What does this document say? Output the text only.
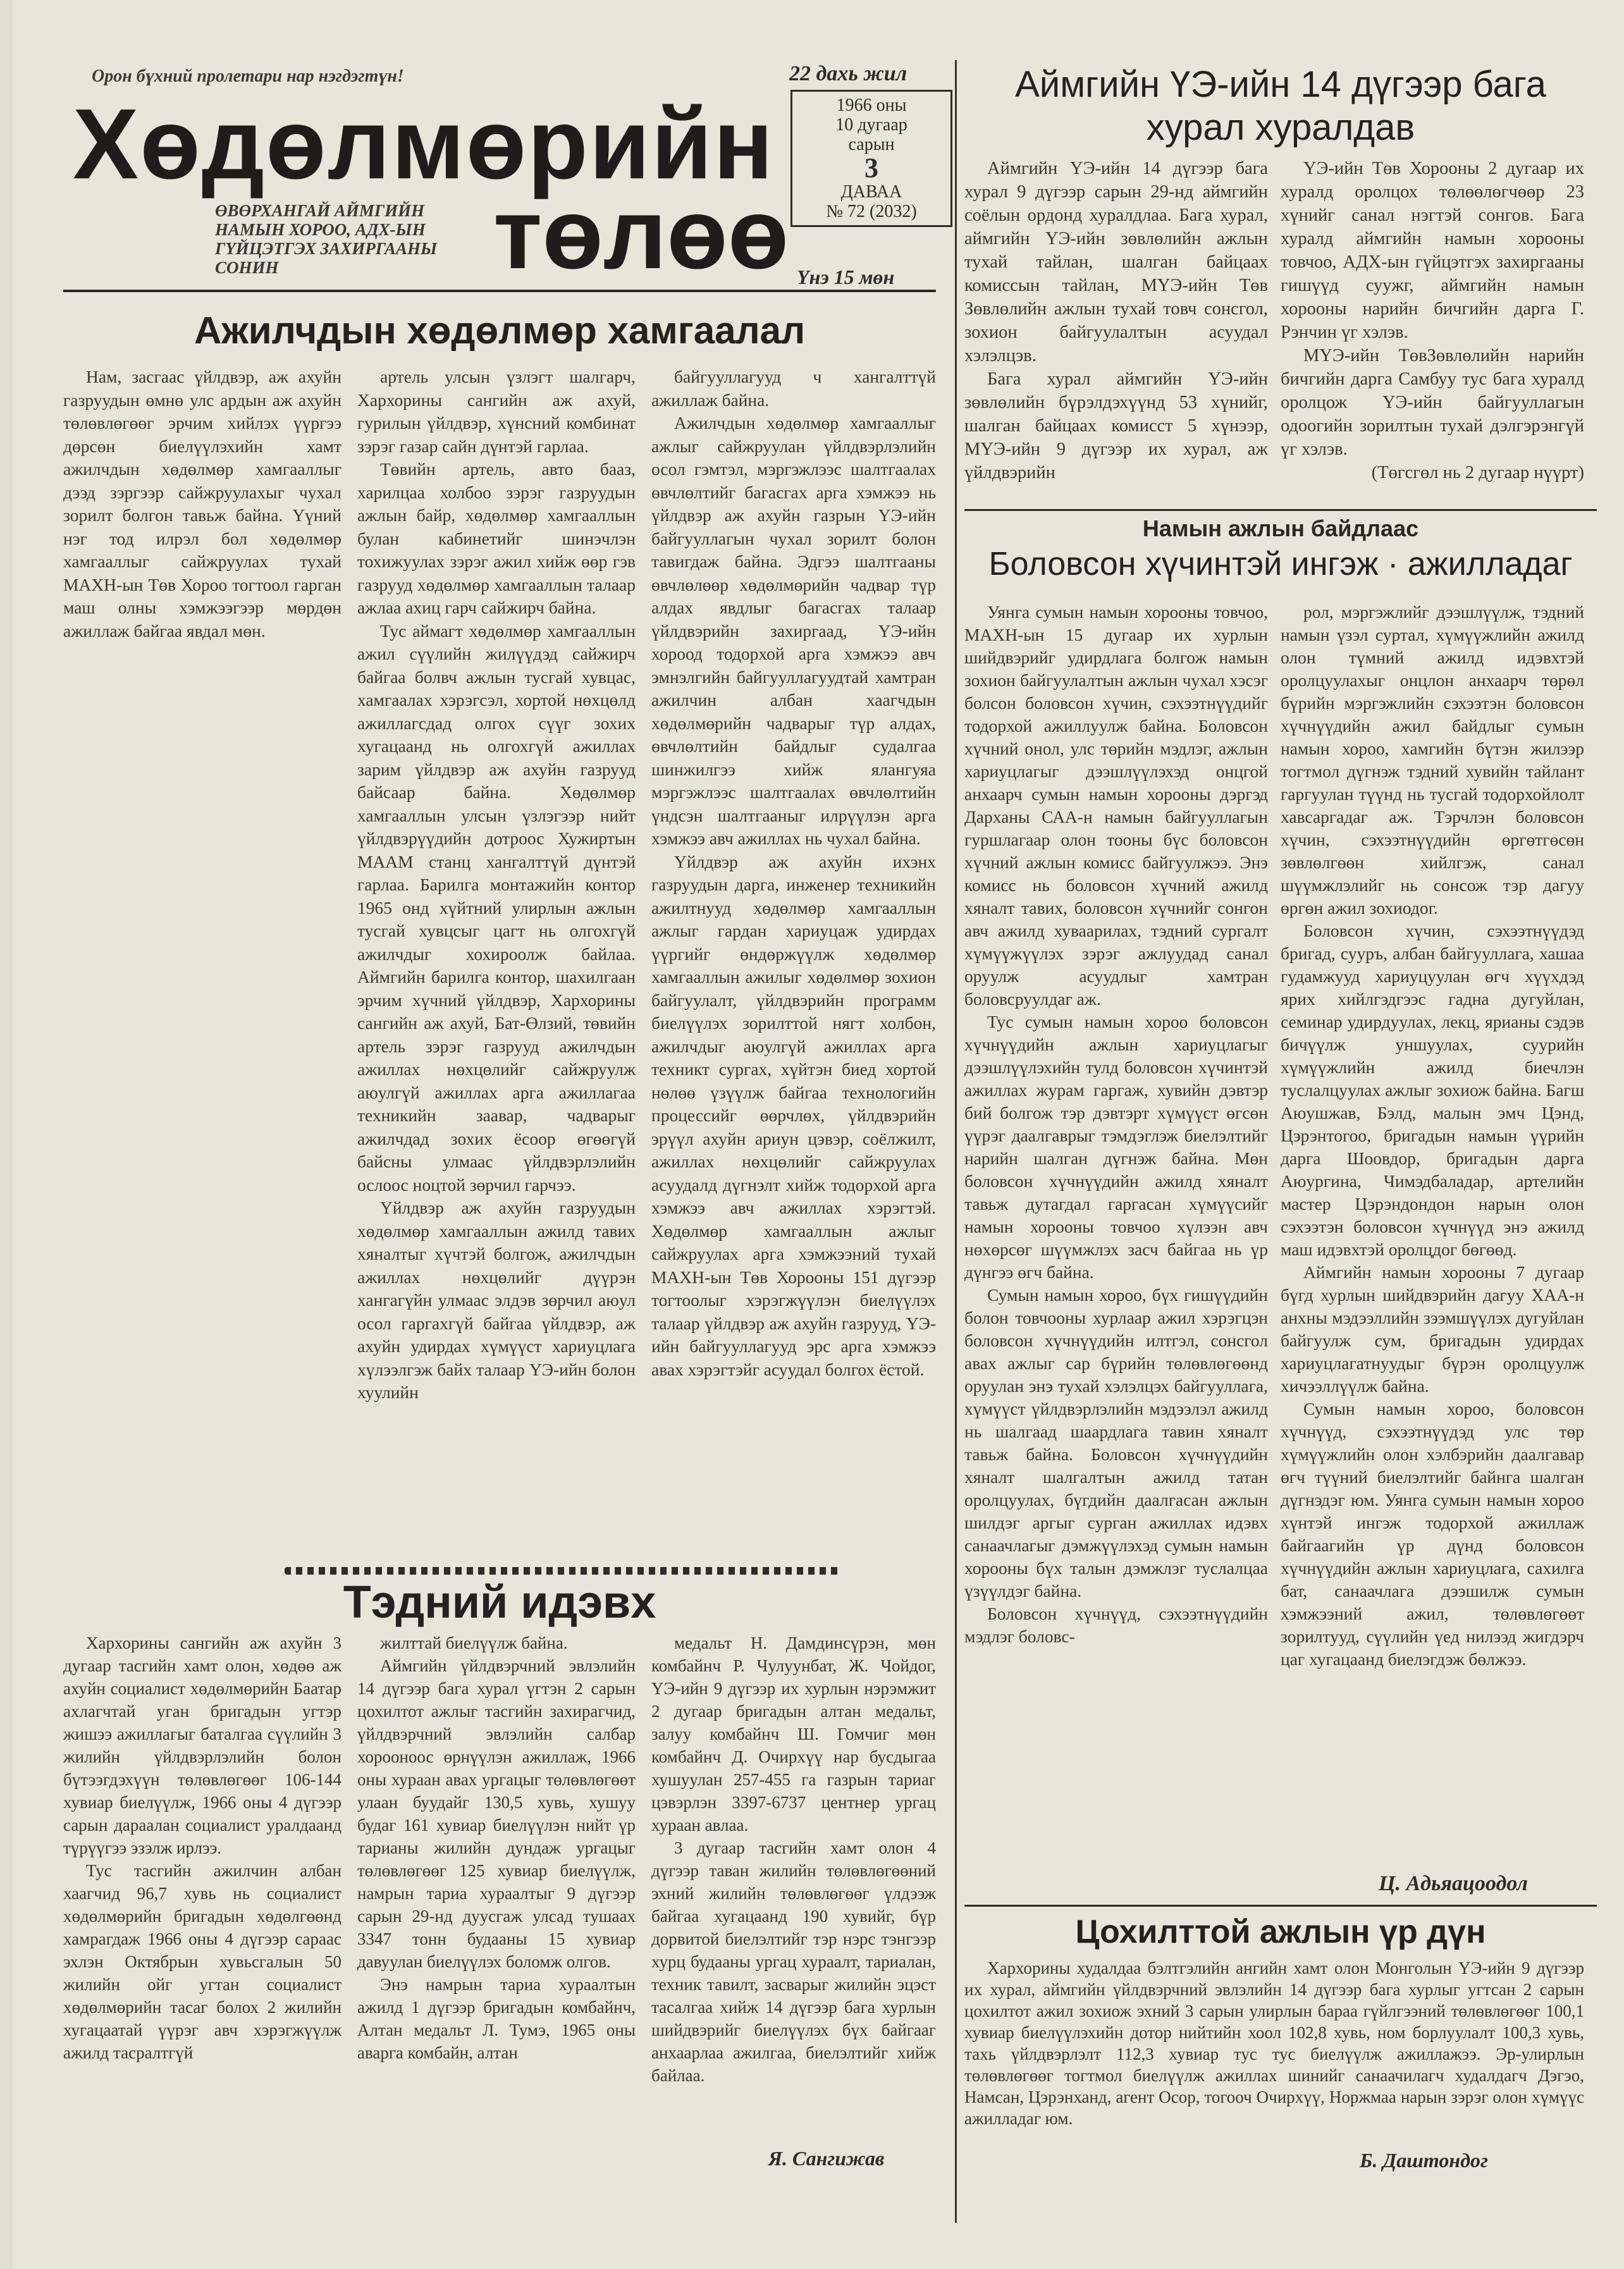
Орон бүхний пролетари нар нэгдэгтүн!
Хөдөлмөрийн
ӨВӨРХАНГАЙ АЙМГИЙН НАМЫН ХОРОО, АДХ-ЫН ГҮЙЦЭТГЭХ ЗАХИРГААНЫ СОНИН	төлөө
22 дахь жил
1966 оны
10 дугаар
сарын
3
ДАВАА
№ 72 (2032)
Үнэ 15 мөн
Аймгийн ҮЭ-ийн 14 дүгээр бага хурал хуралдав

Аймгийн ҮЭ-ийн 14 дүгээр бага хурал 9 дүгээр сарын 29-нд аймгийн соёлын ордонд хуралдлаа. Бага хурал, аймгийн ҮЭ-ийн зөвлөлийн ажлын тухай тайлан, шалган байцаах комиссын тайлан, МҮЭ-ийн Төв Зөвлөлийн ажлын тухай товч сонсгол, зохион байгуулалтын асуудал хэлэлцэв.

Бага хурал аймгийн ҮЭ-ийн зөвлөлийн бүрэлдэхүүнд 53 хүнийг, шалган байцаах комисст 5 хүнээр, МҮЭ-ийн 9 дүгээр их хурал, аж үйлдвэрийн

ҮЭ-ийн Төв Хорооны 2 дугаар их хуралд оролцох төлөөлөгчөөр 23 хүнийг санал нэгтэй сонгов. Бага хуралд аймгийн намын хорооны товчоо, АДХ-ын гүйцэтгэх захиргааны гишүүд суужг, аймгийн намын хорооны нарийн бичгийн дарга Г. Рэнчин үг хэлэв.

МҮЭ-ийн ТөвЗөвлөлийн нарийн бичгийн дарга Самбуу тус бага хуралд оролцож ҮЭ-ийн байгууллагын одоогийн зорилтын тухай дэлгэрэнгүй үг хэлэв.

(Төгсгөл нь 2 дугаар нүүрт)

Намын ажлын байдлаас
Боловсон хүчинтэй ингэж · ажилладаг

Уянга сумын намын хорооны товчоо, МАХН-ын 15 дугаар их хурлын шийдвэрийг удирдлага болгож намын зохион байгуулалтын ажлын чухал хэсэг болсон боловсон хүчин, сэхээтнүүдийг тодорхой ажиллуулж байна. Боловсон хүчний онол, улс төрийн мэдлэг, ажлын хариуцлагыг дээшлүүлэхэд онцгой анхаарч сумын намын хорооны дэргэд Дарханы САА-н намын байгууллагын гуршлагаар олон тооны бүс боловсон хүчний ажлын комисс байгуулжээ. Энэ комисс нь боловсон хүчний ажилд хяналт тавих, боловсон хүчнийг сонгон авч ажилд хуваарилах, тэдний сургалт хүмүүжүүлэх зэрэг ажлуудад санал оруулж асуудлыг хамтран боловсруулдаг аж.

Тус сумын намын хороо боловсон хүчнүүдийн ажлын хариуцлагыг дээшлүүлэхийн тулд боловсон хүчинтэй ажиллах журам гаргаж, хувийн дэвтэр бий болгож тэр дэвтэрт хүмүүст өгсөн үүрэг даалгаврыг тэмдэглэж биелэлтийг нарийн шалган дүгнэж байна. Мөн боловсон хүчнүүдийн ажилд хяналт тавьж дутагдал гаргасан хүмүүсийг намын хорооны товчоо хүлээн авч нөхөрсөг шүүмжлэх засч байгаа нь үр дүнгээ өгч байна.

Сумын намын хороо, бүх гишүүдийн болон товчооны хурлаар ажил хэрэгцэн боловсон хүчнүүдийн илтгэл, сонсгол авах ажлыг сар бүрийн төлөвлөгөөнд оруулан энэ тухай хэлэлцэх байгууллага, хүмүүст үйлдвэрлэлийн мэдээлэл ажилд нь шалгаад шаардлага тавин хяналт тавьж байна. Боловсон хүчнүүдийн хяналт шалгалтын ажилд татан оролцуулах, бүгдийн даалгасан ажлын шилдэг аргыг сурган ажиллах идэвх санаачлагыг дэмжүүлэхэд сумын намын хорооны бүх талын дэмжлэг туслалцаа үзүүлдэг байна.

Боловсон хүчнүүд, сэхээтнүүдийн мэдлэг боловс-

рол, мэргэжлийг дээшлүүлж, тэдний намын үзэл суртал, хүмүүжлийн ажилд олон түмний ажилд идэвхтэй оролцуулахыг онцлон анхаарч төрөл бүрийн мэргэжлийн сэхээтэн боловсон хүчнүүдийн ажил байдлыг сумын намын хороо, хамгийн бүтэн жилээр тогтмол дүгнэж тэдний хувийн тайлант гаргуулан түүнд нь тусгай тодорхойлолт хавсаргадаг аж. Тэрчлэн боловсон хүчин, сэхээтнүүдийн өргөтгөсөн зөвлөлгөөн хийлгэж, санал шүүмжлэлийг нь сонсож тэр дагуу өргөн ажил зохиодог.

Боловсон хүчин, сэхээтнүүдэд бригад, сууръ, албан байгууллага, хашаа гудамжууд хариуцуулан өгч хүүхдэд ярих хийлгэдгээс гадна дугуйлан, семинар удирдуулах, лекц, ярианы сэдэв бичүүлж уншуулах, суурийн хүмүүжлийн ажилд биечлэн туслалцуулах ажлыг зохиож байна. Багш Аюушжав, Бэлд, малын эмч Цэнд, Цэрэнтогоо, бригадын намын үүрийн дарга Шоовдор, бригадын дарга Аюургина, Чимэдбаладар, артелийн мастер Цэрэндондон нарын олон сэхээтэн боловсон хүчнүүд энэ ажилд маш идэвхтэй оролцдог бөгөөд.

Аймгийн намын хорооны 7 дугаар бүгд хурлын шийдвэрийн дагуу ХАА-н анхны мэдээллийн зээмшүүлэх дугуйлан байгуулж сум, бригадын удирдах хариуцлагатнуудыг бүрэн оролцуулж хичээллүүлж байна.

Сумын намын хороо, боловсон хүчнүүд, сэхээтнүүдэд улс төр хүмүүжлийн олон хэлбэрийн даалгавар өгч түүний биелэлтийг байнга шалган дүгнэдэг юм. Уянга сумын намын хороо хүнтэй ингэж тодорхой ажиллаж байгаагийн үр дүнд боловсон хүчнүүдийн ажлын хариуцлага, сахилга бат, санаачлага дээшилж сумын хэмжээний ажил, төлөвлөгөөт зорилтууд, сүүлийн үед нилээд жигдэрч цаг хугацаанд биелэгдэж бөлжээ.

Ц. Адьяацоодол
Цохилттой ажлын үр дүн

Хархорины худалдаа бэлтгэлийн ангийн хамт олон Монголын ҮЭ-ийн 9 дүгээр их хурал, аймгийн үйлдвэрчний эвлэлийн 14 дүгээр бага хурлыг угтсан 2 сарын цохилтот ажил зохиож эхний 3 сарын улирлын бараа гүйлгээний төлөвлөгөөг 100,1 хувиар биелүүлэхийн дотор нийтийн хоол 102,8 хувь, ном борлуулалт 100,3 хувь, тахь үйлдвэрлэлт 112,3 хувиар тус тус биелүүлж ажиллажээ. Эр-улирлын төлөвлөгөөг тогтмол биелүүлж ажиллах шинийг санаачилагч худалдагч Дэгэо, Намсан, Цэрэнханд, агент Осор, тогооч Очирхүү, Норжмаа нарын зэрэг олон хүмүүс ажилладаг юм.

Б. Даштондог
Ажилчдын хөдөлмөр хамгаалал

Нам, засгаас үйлдвэр, аж ахуйн газруудын өмнө улс ардын аж ахуйн төлөвлөгөөг эрчим хийлэх үүргээ дөрсөн биелүүлэхийн хамт ажилчдын хөдөлмөр хамгааллыг дээд зэргээр сайжруулахыг чухал зорилт болгон тавьж байна. Үүний нэг тод илрэл бол хөдөлмөр хамгааллыг сайжруулах тухай МАХН-ын Төв Хороо тогтоол гарган маш олны хэмжээгээр мөрдөн ажиллаж байгаа явдал мөн.

артель улсын үзлэгт шалгарч, Хархорины сангийн аж ахуй, гурилын үйлдвэр, хүнсний комбинат зэрэг газар сайн дүнтэй гарлаа.

Төвийн артель, авто бааз, харилцаа холбоо зэрэг газруудын ажлын байр, хөдөлмөр хамгааллын булан кабинетийг шинэчлэн тохижуулах зэрэг ажил хийж өөр гэв газрууд хөдөлмөр хамгааллын талаар ажлаа ахиц гарч сайжирч байна.

Тус аймагт хөдөлмөр хамгааллын ажил сүүлийн жилүүдэд сайжирч байгаа болвч ажлын тусгай хувцас, хамгаалах хэрэгсэл, хортой нөхцөлд ажиллагсдад олгох сүүг зохих хугацаанд нь олгохгүй ажиллах зарим үйлдвэр аж ахуйн газрууд байсаар байна. Хөдөлмөр хамгааллын улсын үзлэгээр нийт үйлдвэрүүдийн дотроос Хужиртын МААМ станц хангалттүй дүнтэй гарлаа. Барилга монтажийн контор 1965 онд хүйтний улирлын ажлын тусгай хувцсыг цагт нь олгохгүй ажилчдыг хохироолж байлаа. Аймгийн барилга контор, шахилгаан эрчим хүчний үйлдвэр, Хархорины сангийн аж ахуй, Бат-Өлзий, төвийн артель зэрэг газрууд ажилчдын ажиллах нөхцөлийг сайжруулж аюулгүй ажиллах арга ажиллагаа техникийн заавар, чадварыг ажилчдад зохих ёсоор өгөөгүй байсны улмаас үйлдвэрлэлийн ослоос ноцтой зөрчил гарчээ.

Үйлдвэр аж ахуйн газруудын хөдөлмөр хамгааллын ажилд тавих хяналтыг хүчтэй болгож, ажилчдын ажиллах нөхцөлийг дүүрэн хангагүйн улмаас элдэв зөрчил аюул осол гаргахгүй байгаа үйлдвэр, аж ахуйн удирдах хүмүүст хариуцлага хүлээлгэж байх талаар ҮЭ-ийн болон хуулийн

байгууллагууд ч хангалттүй ажиллаж байна.

Ажилчдын хөдөлмөр хамгааллыг ажлыг сайжруулан үйлдвэрлэлийн осол гэмтэл, мэргэжлээс шалтгаалах өвчлөлтийг багасгах арга хэмжээ нь үйлдвэр аж ахуйн газрын ҮЭ-ийн байгууллагын чухал зорилт болон тавигдаж байна. Эдгээ шалтгааны өвчлөлөөр хөдөлмөрийн чадвар түр алдах явдлыг багасгах талаар үйлдвэрийн захиргаад, ҮЭ-ийн хороод тодорхой арга хэмжээ авч эмнэлгийн байгууллагуудтай хамтран ажилчин албан хаагчдын хөдөлмөрийн чадварыг түр алдах, өвчлөлтийн байдлыг судалгаа шинжилгээ хийж ялангуяа мэргэжлээс шалтгаалах өвчлөлтийн үндсэн шалтгааныг илрүүлэн арга хэмжээ авч ажиллах нь чухал байна.

Үйлдвэр аж ахуйн ихэнх газруудын дарга, инженер техникийн ажилтнууд хөдөлмөр хамгааллын ажлыг гардан хариуцаж удирдах үүргийг өндөржүүлж хөдөлмөр хамгааллын ажилыг хөдөлмөр зохион байгуулалт, үйлдвэрийн программ биелүүлэх зорилттой нягт холбон, ажилчдыг аюулгүй ажиллах арга техникт сургах, хүйтэн биед хортой нөлөө үзүүлж байгаа технологийн процессийг өөрчлөх, үйлдвэрийн эрүүл ахуйн ариун цэвэр, соёлжилт, ажиллах нөхцөлийг сайжруулах асуудалд дүгнэлт хийж тодорхой арга хэмжээ авч ажиллах хэрэгтэй. Хөдөлмөр хамгааллын ажлыг сайжруулах арга хэмжээний тухай МАХН-ын Төв Хорооны 151 дүгээр тогтоолыг хэрэгжүүлэн биелүүлэх талаар үйлдвэр аж ахуйн газрууд, ҮЭ-ийн байгууллагууд эрс арга хэмжээ авах хэрэгтэйг асуудал болгох ёстой.

Тэдний идэвх

Хархорины сангийн аж ахуйн 3 дугаар тасгийн хамт олон, хөдөө аж ахуйн социалист хөдөлмөрийн Баатар ахлагчтай уган бригадын угтэр жишээ ажиллагыг баталгаа сүүлийн 3 жилийн үйлдвэрлэлийн болон бүтээгдэхүүн төлөвлөгөөг 106-144 хувиар биелүүлж, 1966 оны 4 дүгээр сарын дараалан социалист уралдаанд түрүүгээ эзэлж ирлээ.

Тус тасгийн ажилчин албан хаагчид 96,7 хувь нь социалист хөдөлмөрийн бригадын хөдөлгөөнд хамрагдаж 1966 оны 4 дүгээр сараас эхлэн Октябрын хувьсгалын 50 жилийн ойг угтан социалист хөдөлмөрийн тасаг болох 2 жилийн хугацаатай үүрэг авч хэрэгжүүлж ажилд тасралтгүй

жилттай биелүүлж байна.

Аймгийн үйлдвэрчний эвлэлийн 14 дүгээр бага хурал үгтэн 2 сарын цохилтот ажлыг тасгийн захирагчид, үйлдвэрчний эвлэлийн салбар хорооноос өрнүүлэн ажиллаж, 1966 оны хураан авах ургацыг төлөвлөгөөт улаан буудайг 130,5 хувь, хушуу будаг 161 хувиар биелүүлэн нийт үр тарианы жилийн дундаж ургацыг төлөвлөгөөг 125 хувиар биелүүлж, намрын тариа хураалтыг 9 дүгээр сарын 29-нд дуусгаж улсад тушаах 3347 тонн будааны 15 хувиар давуулан биелүүлэх боломж олгов.

Энэ намрын тариа хураалтын ажилд 1 дүгээр бригадын комбайнч, Алтан медальт Л. Тумэ, 1965 оны аварга комбайн, алтан

медальт Н. Дамдинсүрэн, мөн комбайнч Р. Чулуунбат, Ж. Чойдог, ҮЭ-ийн 9 дүгээр их хурлын нэрэмжит 2 дугаар бригадын алтан медальт, залуу комбайнч Ш. Гомчиг мөн комбайнч Д. Очирхүү нар бусдыгаа хушуулан 257-455 га газрын тариаг цэвэрлэн 3397-6737 центнер ургац хураан авлаа.

3 дугаар тасгийн хамт олон 4 дүгээр таван жилийн төлөвлөгөөний эхний жилийн төлөвлөгөөг үлдээж байгаа хугацаанд 190 хувийг, бүр дорвитой биелэлтийг тэр нэрс тэнгээр хурц будааны ургац хураалт, тариалан, техник тавилт, засварыг жилийн эцэст тасалгаа хийж 14 дүгээр бага хурлын шийдвэрийг биелүүлэх бүх байгааг анхаарлаа ажилгаа, биелэлтийг хийж байлаа.

Я. Сангижав
